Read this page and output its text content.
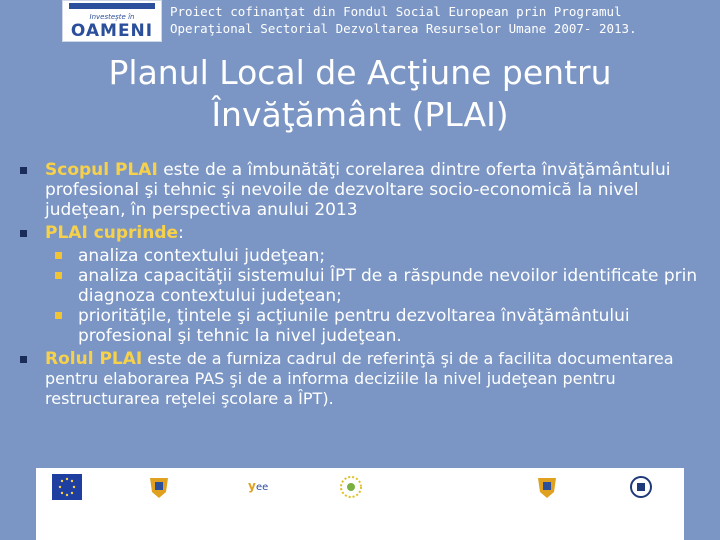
Investeşte în
OAMENI
Proiect cofinanţat din Fondul Social European prin Programul
Operaţional Sectorial Dezvoltarea Resurselor Umane 2007- 2013.
Planul Local de Acţiune pentru
Învăţământ (PLAI)
Scopul PLAI este de a îmbunătăţi corelarea dintre oferta învăţământului profesional şi tehnic şi nevoile de dezvoltare socio-economică la nivel judeţean, în perspectiva anului 2013
PLAI cuprinde:
analiza contextului judeţean;
analiza capacităţii sistemului ÎPT de a răspunde nevoilor identificate prin diagnoza contextului judeţean;
priorităţile, ţintele şi acţiunile pentru dezvoltarea învăţământului profesional şi tehnic la nivel judeţean.
Rolul PLAI este de a furniza cadrul de referinţă şi de a facilita documentarea pentru elaborarea PAS şi de a informa deciziile la nivel judeţean pentru restructurarea reţelei şcolare a ÎPT).
y ee
